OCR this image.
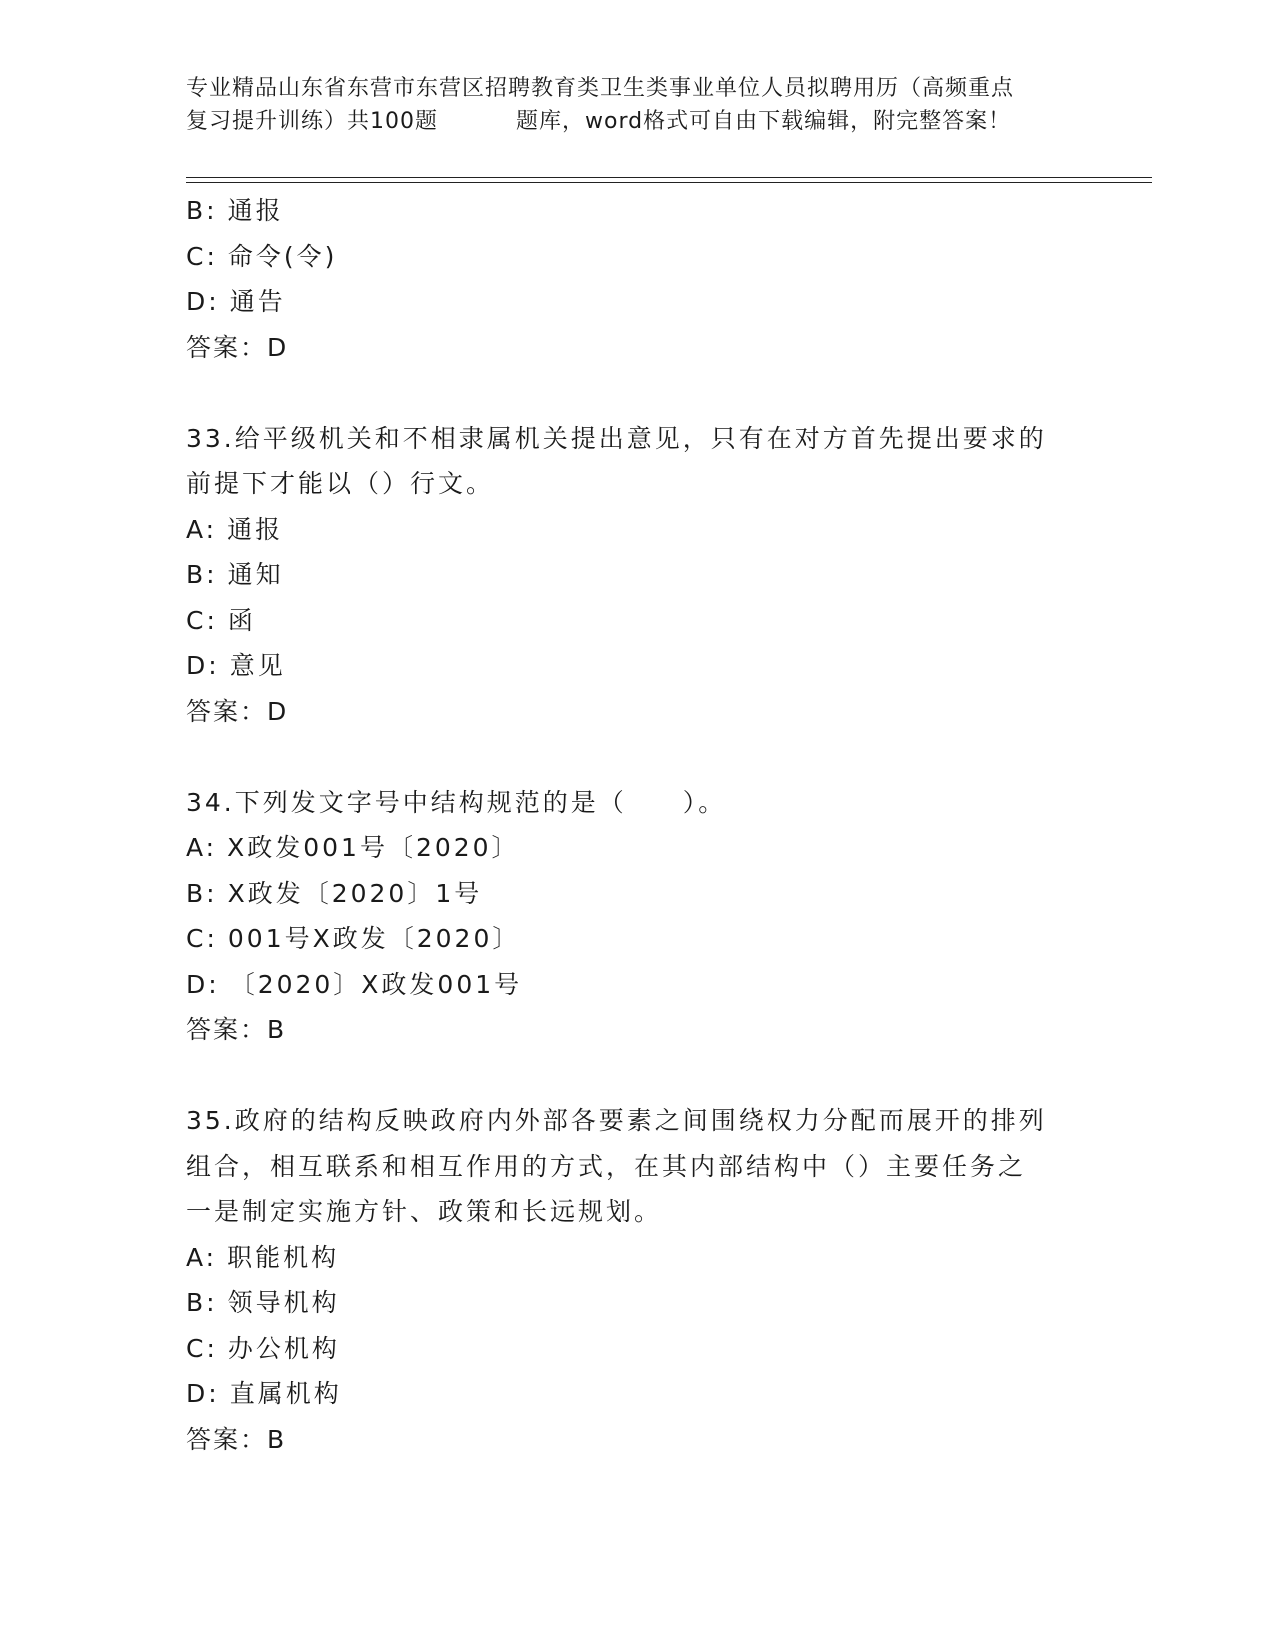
专业精品山东省东营市东营区招聘教育类卫生类事业单位人员拟聘用历（高频重点
复习提升训练）共100题	题库，word格式可自由下载编辑，附完整答案！
B: 通报
C: 命令(令)
D: 通告
答案：D
33.给平级机关和不相隶属机关提出意见，只有在对方首先提出要求的
前提下才能以（）行文。
A: 通报
B: 通知
C: 函
D: 意见
答案：D
34.下列发文字号中结构规范的是（　　）。
A: X政发001号〔2020〕
B: X政发〔2020〕1号
C: 001号X政发〔2020〕
D: 〔2020〕X政发001号
答案：B
35.政府的结构反映政府内外部各要素之间围绕权力分配而展开的排列
组合，相互联系和相互作用的方式，在其内部结构中（）主要任务之
一是制定实施方针、政策和长远规划。
A: 职能机构
B: 领导机构
C: 办公机构
D: 直属机构
答案：B
